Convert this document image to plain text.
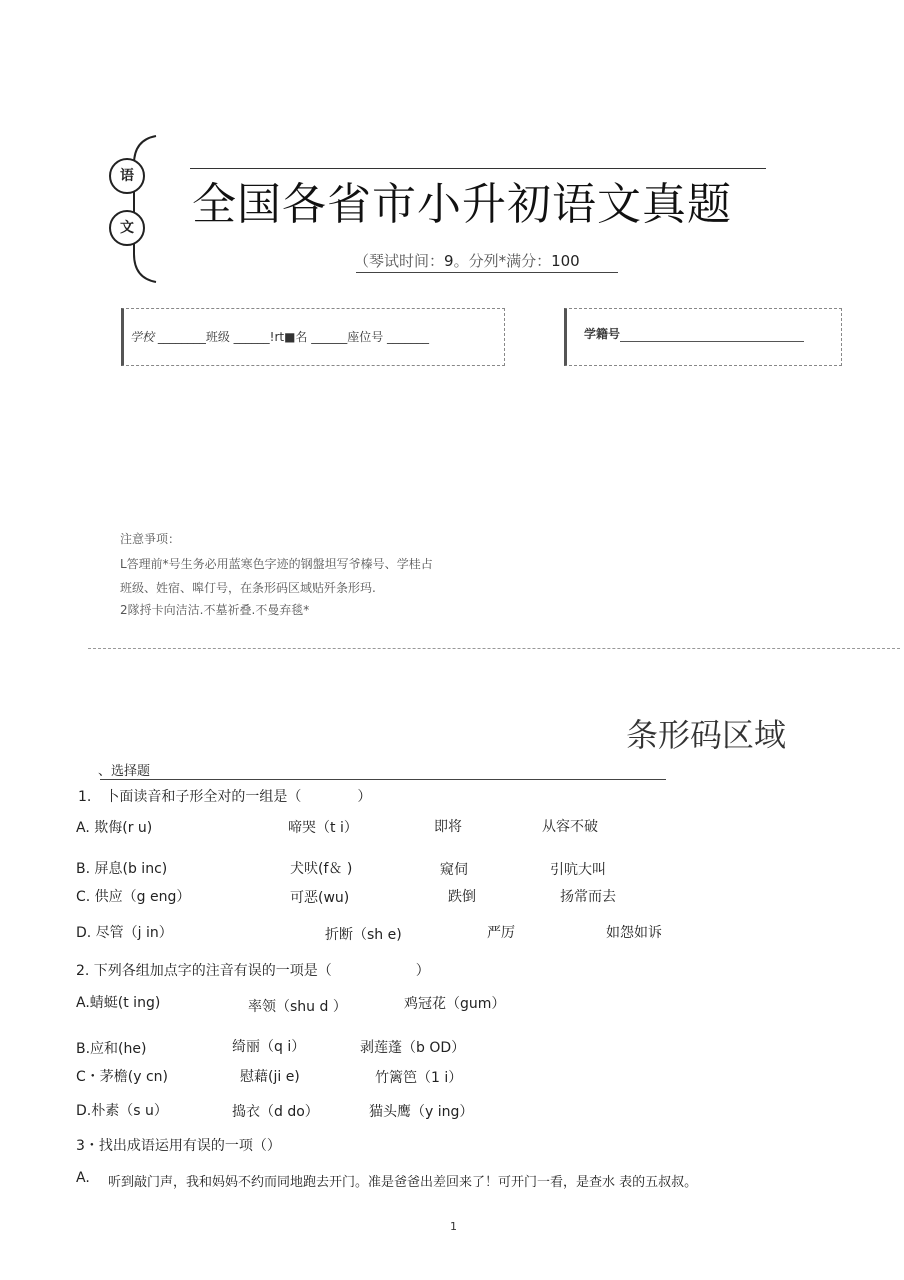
语
文 全国各省市小升初语文真题
（琴试时间：9。分列*满分：100
学校 ________班级 ______!rt■名 ______座位号 _______	学籍号
注意爭项：
L答理前*号生务必用蓝寒色字迹的钢盤坦写爷榛号、学桂占
班级、姓宿、嗥仃号，在条形码区域贴歼条形玛.
2隊捋卡向洁沽.不墓祈叠.不曼弃毯*
条形码区域
、选择题
1.　卜面读音和子形全对的一组是（　　　　）
A. 欺侮(r u)	啼哭（t i）	即将	从容不破
B. 屏息(b inc)	犬吠(f＆ )	窥伺	引吭大叫
C. 供应（g eng）	可恶(wu)	跌倒	扬常而去
D. 尽管（j in）	折断（sh e)	严厉	如怨如诉
2. 下列各组加点字的注音有误的一项是（　　　　　　）
A.蜻蜓(t ing)	率领（shu d ）	鸡冠花（gum）
B.应和(he)	绮丽（q i）	剥莲蓬（b OD）
C・茅檐(y cn)	慰藉(ji e)	竹篱笆（1 i）
D.朴素（s u）	捣衣（d do）	猫头鹰（y ing）
3・找出成语运用有误的一项（）
A. 听到敲门声，我和妈妈不约而同地跑去开门。准是爸爸出差回来了！可开门一看，是查水 表的五叔叔。
1
